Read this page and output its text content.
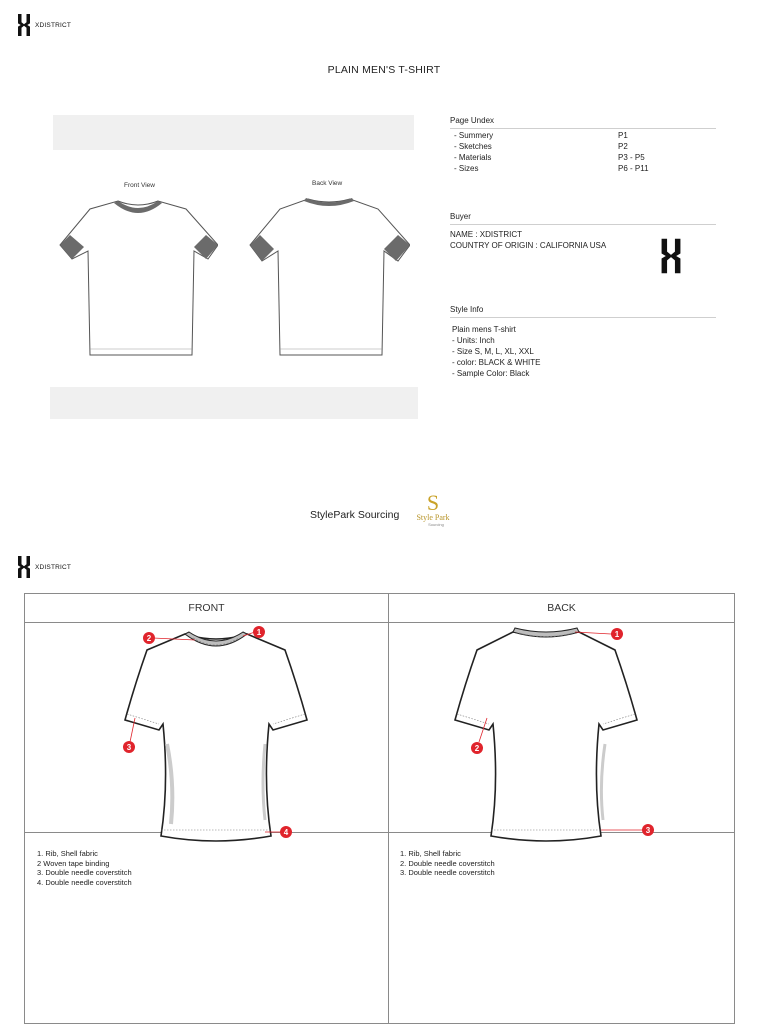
XDISTRICT
PLAIN MEN'S T-SHIRT
Front View	Back View
Page Undex
- Summery	P1
- Sketches	P2
- Materials	P3 - P5
- Sizes	P6 - P11
Buyer
NAME : XDISTRICT
COUNTRY OF ORIGIN : CALIFORNIA USA
Style Info
Plain mens T-shirt
- Units: Inch
- Size S, M, L, XL, XXL
- color: BLACK & WHITE
- Sample Color: Black
StylePark Sourcing S
Style Park
Sourcing
XDISTRICT
FRONT	BACK
1
2
3
4
1
2
3
1. Rib, Shell fabric
2 Woven tape binding
3. Double needle coverstitch
4. Double needle coverstitch
1. Rib, Shell fabric
2. Double needle coverstitch
3. Double needle coverstitch
